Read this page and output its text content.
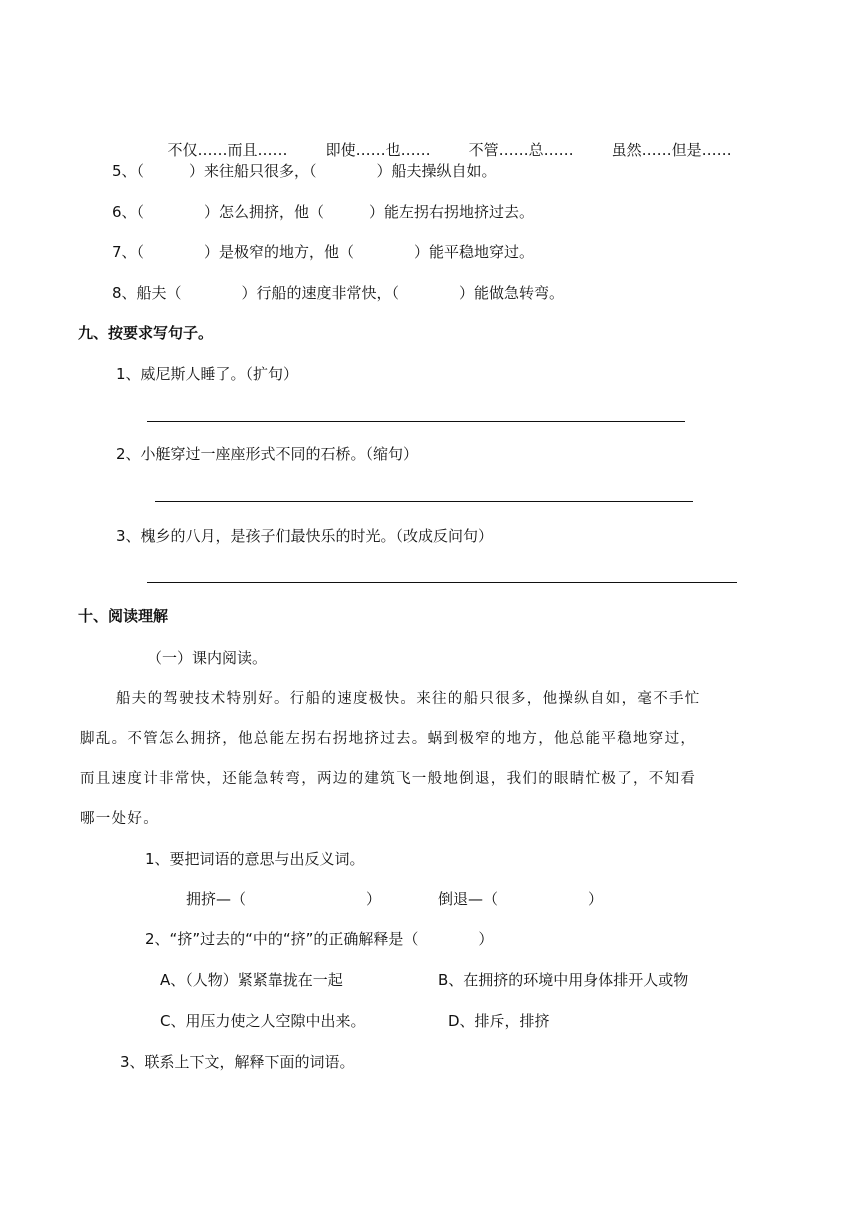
不仅……而且……	即使……也……	不管……总……	虽然……但是……

5、（　　　）来往船只很多，（　　　　）船夫操纵自如。
6、（　　　　）怎么拥挤，他（　　　）能左拐右拐地挤过去。
7、（　　　　）是极窄的地方，他（　　　　）能平稳地穿过。
8、船夫（　　　　）行船的速度非常快，（　　　　）能做急转弯。
九、按要求写句子。
1、威尼斯人睡了。（扩句）
2、小艇穿过一座座形式不同的石桥。（缩句）
3、槐乡的八月，是孩子们最快乐的时光。（改成反问句）
十、阅读理解
（一）课内阅读。
船夫的驾驶技术特别好。行船的速度极快。来往的船只很多，他操纵自如，毫不手忙
脚乱。不管怎么拥挤，他总能左拐右拐地挤过去。蜗到极窄的地方，他总能平稳地穿过，
而且速度计非常快，还能急转弯，两边的建筑飞一般地倒退，我们的眼睛忙极了，不知看
哪一处好。
1、要把词语的意思与出反义词。
拥挤—（　　　　　　　　）	倒退—（　　　　　　）
2、“挤”过去的“中的“挤”的正确解释是（　　　　）
A、（人物）紧紧靠拢在一起	B、在拥挤的环境中用身体排开人或物
C、用压力使之人空隙中出来。	D、排斥，排挤
3、联系上下文，解释下面的词语。
